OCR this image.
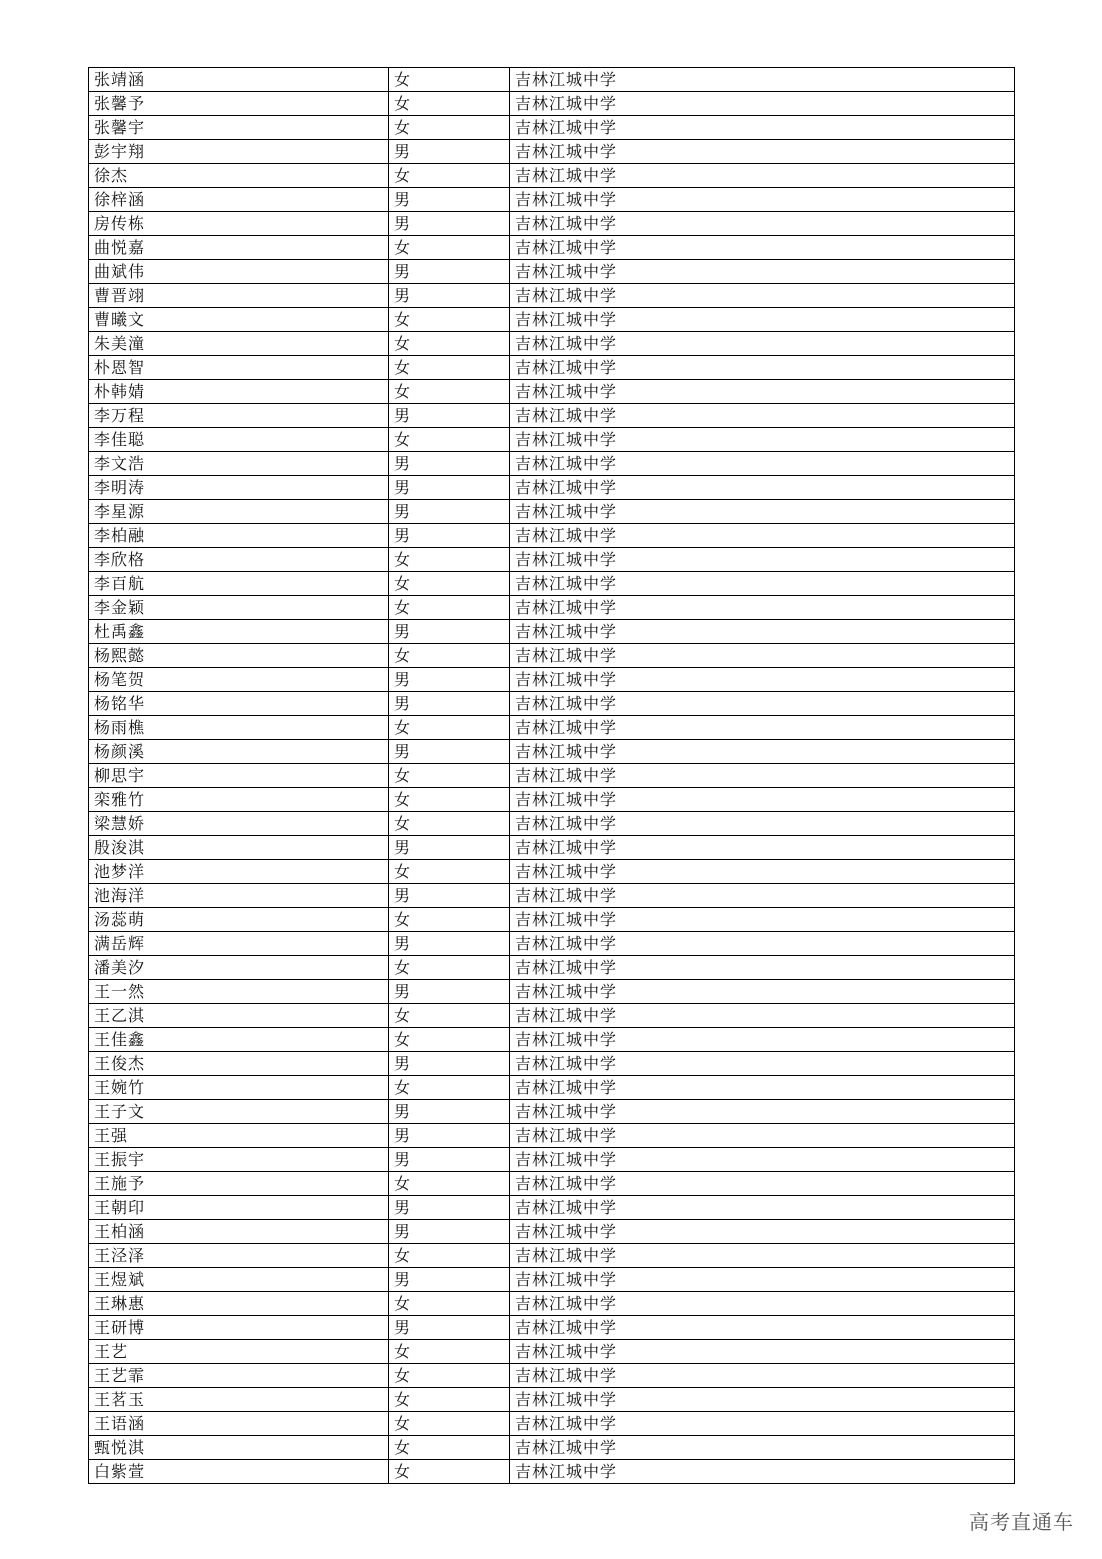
张靖涵	女	吉林江城中学
张馨予	女	吉林江城中学
张馨宇	女	吉林江城中学
彭宇翔	男	吉林江城中学
徐杰	女	吉林江城中学
徐梓涵	男	吉林江城中学
房传栋	男	吉林江城中学
曲悦嘉	女	吉林江城中学
曲斌伟	男	吉林江城中学
曹晋翊	男	吉林江城中学
曹曦文	女	吉林江城中学
朱美潼	女	吉林江城中学
朴恩智	女	吉林江城中学
朴韩婧	女	吉林江城中学
李万程	男	吉林江城中学
李佳聪	女	吉林江城中学
李文浩	男	吉林江城中学
李明涛	男	吉林江城中学
李星源	男	吉林江城中学
李柏融	男	吉林江城中学
李欣格	女	吉林江城中学
李百航	女	吉林江城中学
李金颖	女	吉林江城中学
杜禹鑫	男	吉林江城中学
杨熙懿	女	吉林江城中学
杨笔贺	男	吉林江城中学
杨铭华	男	吉林江城中学
杨雨樵	女	吉林江城中学
杨颜溪	男	吉林江城中学
柳思宇	女	吉林江城中学
栾雅竹	女	吉林江城中学
梁慧娇	女	吉林江城中学
殷浚淇	男	吉林江城中学
池梦洋	女	吉林江城中学
池海洋	男	吉林江城中学
汤蕊萌	女	吉林江城中学
满岳辉	男	吉林江城中学
潘美汐	女	吉林江城中学
王一然	男	吉林江城中学
王乙淇	女	吉林江城中学
王佳鑫	女	吉林江城中学
王俊杰	男	吉林江城中学
王婉竹	女	吉林江城中学
王子文	男	吉林江城中学
王强	男	吉林江城中学
王振宇	男	吉林江城中学
王施予	女	吉林江城中学
王朝印	男	吉林江城中学
王柏涵	男	吉林江城中学
王泾泽	女	吉林江城中学
王煜斌	男	吉林江城中学
王琳惠	女	吉林江城中学
王研博	男	吉林江城中学
王艺	女	吉林江城中学
王艺霏	女	吉林江城中学
王茗玉	女	吉林江城中学
王语涵	女	吉林江城中学
甄悦淇	女	吉林江城中学
白紫萱	女	吉林江城中学
高考直通车
